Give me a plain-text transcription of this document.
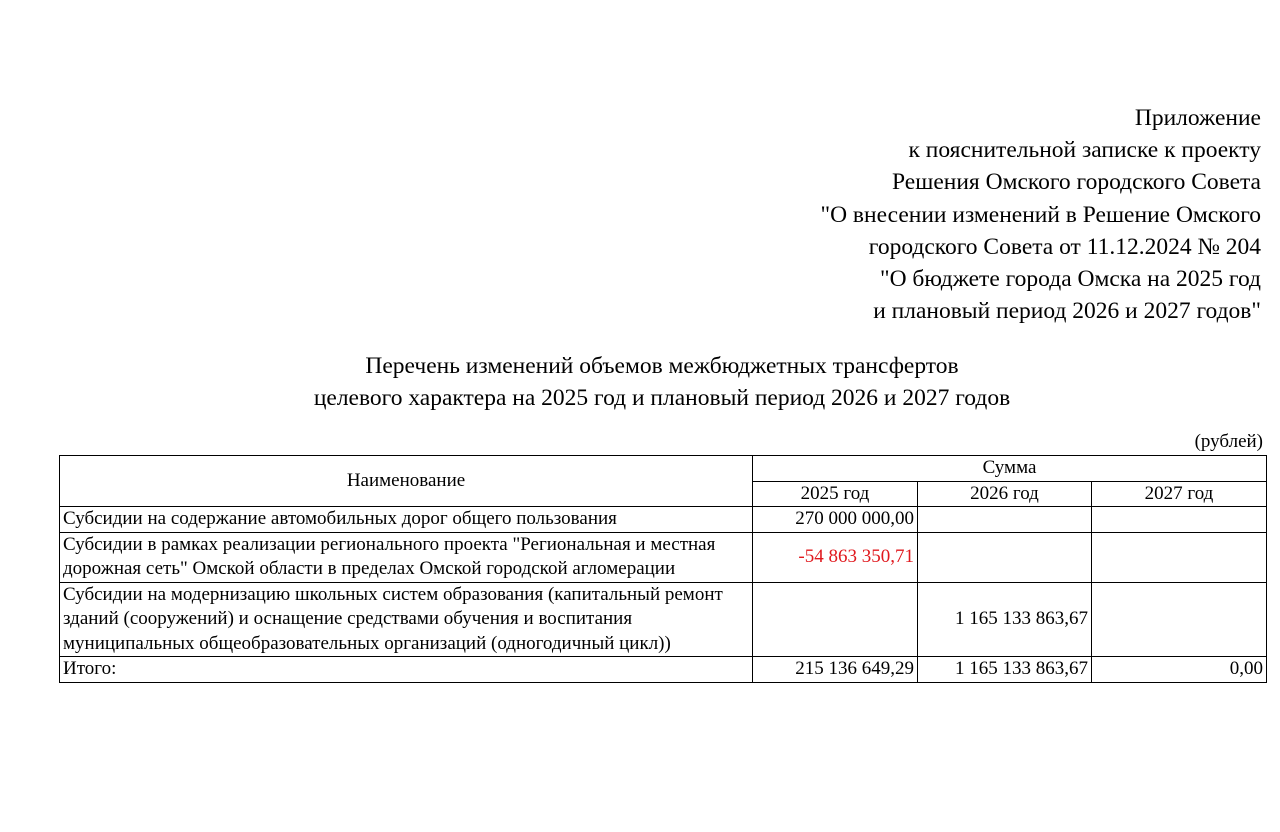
Приложение
к пояснительной записке к проекту
Решения Омского городского Совета
"О внесении изменений в Решение Омского
городского Совета от 11.12.2024 № 204
"О бюджете города Омска на 2025 год
и плановый период 2026 и 2027 годов"
Перечень изменений объемов межбюджетных трансфертов
целевого характера на 2025 год и плановый период 2026 и 2027 годов
(рублей)
Наименование	Сумма		
	2025 год	2026 год	2027 год
Субсидии на содержание автомобильных дорог общего пользования	270 000 000,00		
Субсидии в рамках реализации регионального проекта "Региональная и местная дорожная сеть" Омской области в пределах Омской городской агломерации	-54 863 350,71		
Субсидии на модернизацию школьных систем образования (капитальный ремонт зданий (сооружений) и оснащение средствами обучения и воспитания муниципальных общеобразовательных организаций (одногодичный цикл))		1 165 133 863,67	
Итого:	215 136 649,29	1 165 133 863,67	0,00
